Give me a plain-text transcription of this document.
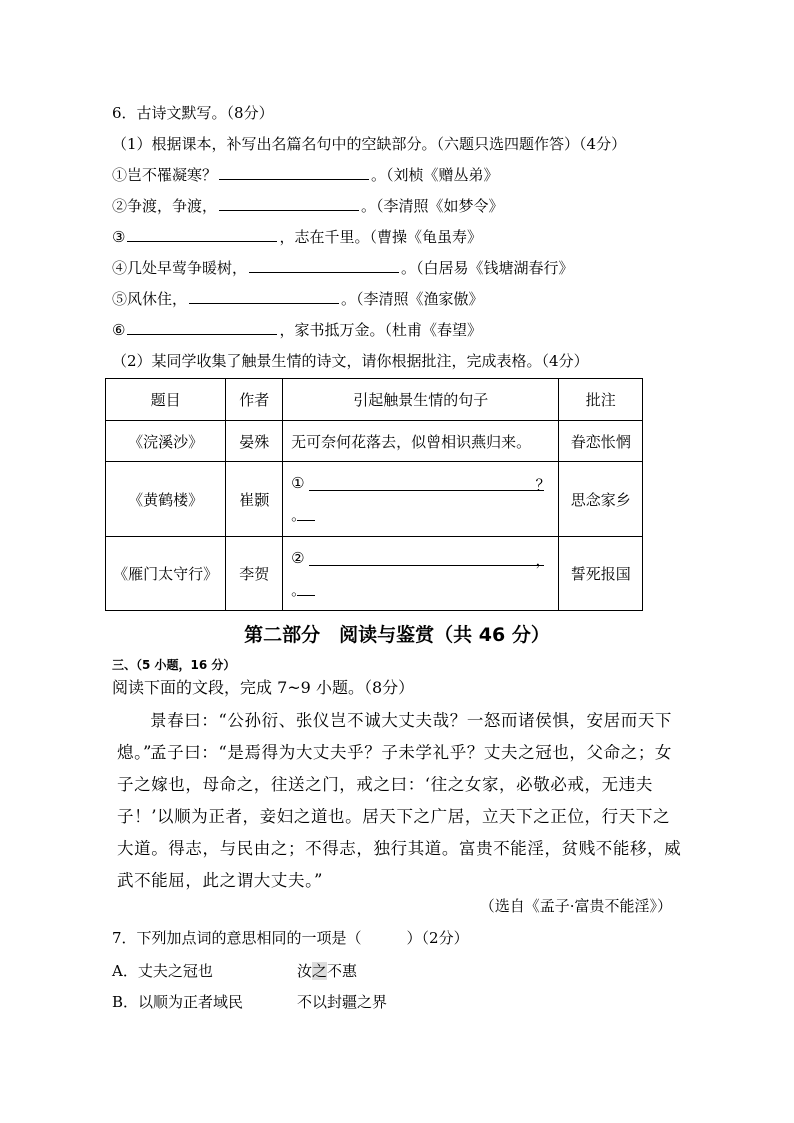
6．古诗文默写。（8分）
（1）根据课本，补写出名篇名句中的空缺部分。（六题只选四题作答）（4分）
①岂不罹凝寒？	。（刘桢《赠丛弟》
②争渡，争渡，	。（李清照《如梦令》
③	，志在千里。（曹操《龟虽寿》
④几处早莺争暖树，	。（白居易《钱塘湖春行》
⑤风休住，	。（李清照《渔家傲》
⑥	，家书抵万金。（杜甫《春望》
（2）某同学收集了触景生情的诗文，请你根据批注，完成表格。（4分）
题目	作者	引起触景生情的句子	批注
《浣溪沙》	晏殊	无可奈何花落去，似曾相识燕归来。	眷恋怅惘
《黄鹤楼》	崔颢	① ？
。	思念家乡
《雁门太守行》	李贺	② ，
。	誓死报国
第二部分　阅读与鉴赏（共 46 分）
三、（5 小题，16 分）
阅读下面的文段，完成 7~9 小题。（8分）
景春曰：“公孙衍、张仪岂不诚大丈夫哉？一怒而诸侯惧，安居而天下熄。”
孟子曰：“是焉得为大丈夫乎？子未学礼乎？丈夫之冠也，父命之；女子之嫁也，母命之，往送之门，戒之曰：‘往之女家，必敬必戒，无违夫子！’以顺为正者，妾妇之道也。居天下之广居，立天下之正位，行天下之大道。得志，与民由之；不得志，独行其道。富贵不能淫，贫贱不能移，威武不能屈，此之谓大丈夫。”
（选自《孟子·富贵不能淫》）
7．下列加点词的意思相同的一项是（　　　）（2分）
A．丈夫之冠也	汝之不惠
B．以顺为正者域民	不以封疆之界
